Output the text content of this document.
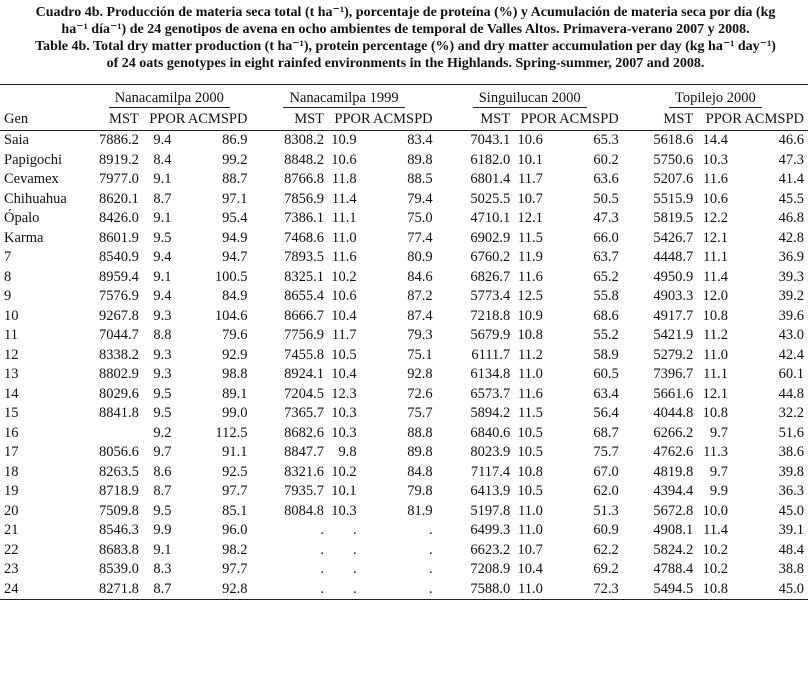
Cuadro 4b. Producción de materia seca total (t ha⁻¹), porcentaje de proteína (%) y Acumulación de materia seca por día (kg
ha⁻¹ día⁻¹) de 24 genotipos de avena en ocho ambientes de temporal de Valles Altos. Primavera-verano 2007 y 2008.
Table 4b. Total dry matter production (t ha⁻¹), protein percentage (%) and dry matter accumulation per day (kg ha⁻¹ day⁻¹)
of 24 oats genotypes in eight rainfed environments in the Highlands. Spring-summer, 2007 and 2008.
	Nanacamilpa 2000			Nanacamilpa 1999			Singuilucan 2000			Topilejo 2000		
Gen	MST	PPOR	ACMSPD	MST	PPOR	ACMSPD	MST	PPOR	ACMSPD	MST	PPOR	ACMSPD
Saia	7886.2	9.4	86.9	8308.2	10.9	83.4	7043.1	10.6	65.3	5618.6	14.4	46.6
Papigochi	8919.2	8.4	99.2	8848.2	10.6	89.8	6182.0	10.1	60.2	5750.6	10.3	47.3
Cevamex	7977.0	9.1	88.7	8766.8	11.8	88.5	6801.4	11.7	63.6	5207.6	11.6	41.4
Chihuahua	8620.1	8.7	97.1	7856.9	11.4	79.4	5025.5	10.7	50.5	5515.9	10.6	45.5
Ópalo	8426.0	9.1	95.4	7386.1	11.1	75.0	4710.1	12.1	47.3	5819.5	12.2	46.8
Karma	8601.9	9.5	94.9	7468.6	11.0	77.4	6902.9	11.5	66.0	5426.7	12.1	42.8
7	8540.9	9.4	94.7	7893.5	11.6	80.9	6760.2	11.9	63.7	4448.7	11.1	36.9
8	8959.4	9.1	100.5	8325.1	10.2	84.6	6826.7	11.6	65.2	4950.9	11.4	39.3
9	7576.9	9.4	84.9	8655.4	10.6	87.2	5773.4	12.5	55.8	4903.3	12.0	39.2
10	9267.8	9.3	104.6	8666.7	10.4	87.4	7218.8	10.9	68.6	4917.7	10.8	39.6
11	7044.7	8.8	79.6	7756.9	11.7	79.3	5679.9	10.8	55.2	5421.9	11.2	43.0
12	8338.2	9.3	92.9	7455.8	10.5	75.1	6111.7	11.2	58.9	5279.2	11.0	42.4
13	8802.9	9.3	98.8	8924.1	10.4	92.8	6134.8	11.0	60.5	7396.7	11.1	60.1
14	8029.6	9.5	89.1	7204.5	12.3	72.6	6573.7	11.6	63.4	5661.6	12.1	44.8
15	8841.8	9.5	99.0	7365.7	10.3	75.7	5894.2	11.5	56.4	4044.8	10.8	32.2
16		9.2	112.5	8682.6	10.3	88.8	6840.6	10.5	68.7	6266.2	9.7	51.6
17	8056.6	9.7	91.1	8847.7	9.8	89.8	8023.9	10.5	75.7	4762.6	11.3	38.6
18	8263.5	8.6	92.5	8321.6	10.2	84.8	7117.4	10.8	67.0	4819.8	9.7	39.8
19	8718.9	8.7	97.7	7935.7	10.1	79.8	6413.9	10.5	62.0	4394.4	9.9	36.3
20	7509.8	9.5	85.1	8084.8	10.3	81.9	5197.8	11.0	51.3	5672.8	10.0	45.0
21	8546.3	9.9	96.0	.	.	.	6499.3	11.0	60.9	4908.1	11.4	39.1
22	8683.8	9.1	98.2	.	.	.	6623.2	10.7	62.2	5824.2	10.2	48.4
23	8539.0	8.3	97.7	.	.	.	7208.9	10.4	69.2	4788.4	10.2	38.8
24	8271.8	8.7	92.8	.	.	.	7588.0	11.0	72.3	5494.5	10.8	45.0
